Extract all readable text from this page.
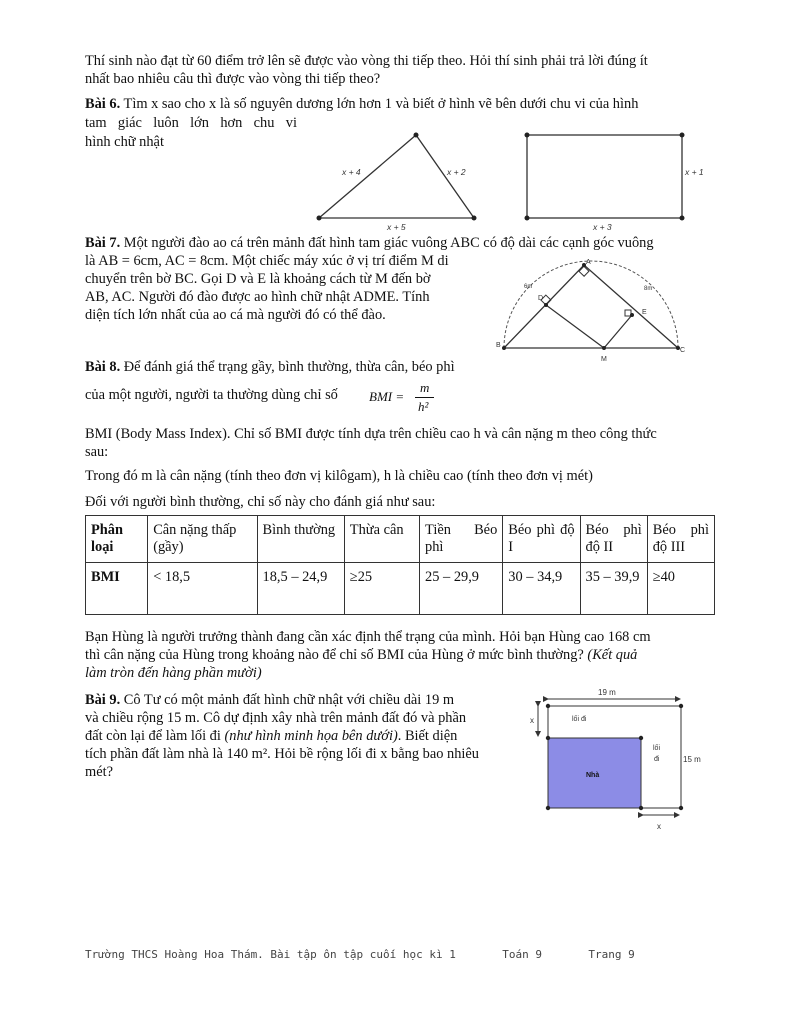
Thí sinh nào đạt từ 60 điểm trở lên sẽ được vào vòng thi tiếp theo. Hỏi thí sinh phải trả lời đúng ít
nhất bao nhiêu câu thì được vào vòng thi tiếp theo?
Bài 6. Tìm x sao cho x là số nguyên dương lớn hơn 1 và biết ở hình vẽ bên dưới chu vi của hình
tam giác luôn lớn hơn chu vi
hình chữ nhật
x + 4	x + 2
x + 5
x + 1
x + 3
Bài 7. Một người đào ao cá trên mảnh đất hình tam giác vuông ABC có độ dài các cạnh góc vuông
là AB = 6cm, AC = 8cm. Một chiếc máy xúc ở vị trí điểm M di
chuyển trên bờ BC. Gọi D và E là khoảng cách từ M đến bờ
AB, AC. Người đó đào được ao hình chữ nhật ADME. Tính
diện tích lớn nhất của ao cá mà người đó có thể đào.
A
B
C
D
E
M
6m	8m
Bài 8. Để đánh giá thể trạng gầy, bình thường, thừa cân, béo phì
của một người, người ta thường dùng chỉ số BMI =
m
h²
BMI (Body Mass Index). Chỉ số BMI được tính dựa trên chiều cao h và cân nặng m theo công thức
sau:
Trong đó m là cân nặng (tính theo đơn vị kilôgam), h là chiều cao (tính theo đơn vị mét)
Đối với người bình thường, chỉ số này cho đánh giá như sau:
Phân loại	Cân nặng thấp (gầy)	Bình thường	Thừa cân	Tiền Béo phì	Béo phì độ I	Béo phì độ II	Béo phì độ III
BMI	< 18,5	18,5 – 24,9	≥25	25 – 29,9	30 – 34,9	35 – 39,9	≥40
Bạn Hùng là người trưởng thành đang cần xác định thể trạng của mình. Hỏi bạn Hùng cao 168 cm
thì cân nặng của Hùng trong khoảng nào để chỉ số BMI của Hùng ở mức bình thường? (Kết quả
làm tròn đến hàng phần mười)
Bài 9. Cô Tư có một mảnh đất hình chữ nhật với chiều dài 19 m
và chiều rộng 15 m. Cô dự định xây nhà trên mảnh đất đó và phần
đất còn lại để làm lối đi (như hình minh họa bên dưới). Biết diện
tích phần đất làm nhà là 140 m². Hỏi bề rộng lối đi x bằng bao nhiêu
mét?
19 m
Nhà
lối đi
lối
đi	15 m
x
x
Trường THCS Hoàng Hoa Thám. Bài tập ôn tập cuối học kì 1	Toán 9	Trang 9
